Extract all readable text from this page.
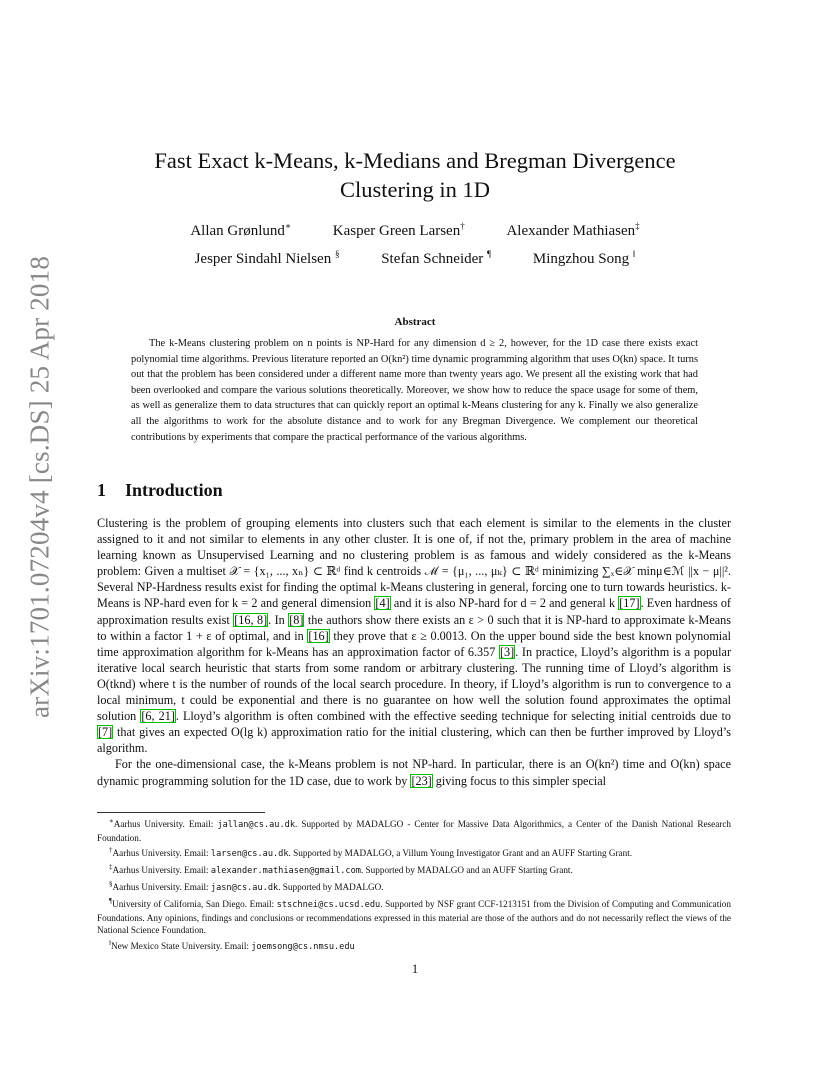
arXiv:1701.07204v4 [cs.DS] 25 Apr 2018
Fast Exact k-Means, k-Medians and Bregman Divergence
Clustering in 1D
Allan Grønlund∗	Kasper Green Larsen†	Alexander Mathiasen‡
Jesper Sindahl Nielsen §	Stefan Schneider ¶	Mingzhou Song ‖
Abstract

The k-Means clustering problem on n points is NP-Hard for any dimension d ≥ 2, however, for the 1D case there exists exact polynomial time algorithms. Previous literature reported an O(kn²) time dynamic programming algorithm that uses O(kn) space. It turns out that the problem has been considered under a different name more than twenty years ago. We present all the existing work that had been overlooked and compare the various solutions theoretically. Moreover, we show how to reduce the space usage for some of them, as well as generalize them to data structures that can quickly report an optimal k-Means clustering for any k. Finally we also generalize all the algorithms to work for the absolute distance and to work for any Bregman Divergence. We complement our theoretical contributions by experiments that compare the practical performance of the various algorithms.

1 Introduction

Clustering is the problem of grouping elements into clusters such that each element is similar to the elements in the cluster assigned to it and not similar to elements in any other cluster. It is one of, if not the, primary problem in the area of machine learning known as Unsupervised Learning and no clustering problem is as famous and widely considered as the k-Means problem: Given a multiset 𝒳 = {x₁, ..., xₙ} ⊂ ℝᵈ find k centroids ℳ = {μ₁, ..., μₖ} ⊂ ℝᵈ minimizing ∑ₓ∈𝒳 minμ∈ℳ ||x − μ||². Several NP-Hardness results exist for finding the optimal k-Means clustering in general, forcing one to turn towards heuristics. k-Means is NP-hard even for k = 2 and general dimension [4] and it is also NP-hard for d = 2 and general k [17]. Even hardness of approximation results exist [16, 8]. In [8] the authors show there exists an ε > 0 such that it is NP-hard to approximate k-Means to within a factor 1 + ε of optimal, and in [16] they prove that ε ≥ 0.0013. On the upper bound side the best known polynomial time approximation algorithm for k-Means has an approximation factor of 6.357 [3]. In practice, Lloyd’s algorithm is a popular iterative local search heuristic that starts from some random or arbitrary clustering. The running time of Lloyd’s algorithm is O(tknd) where t is the number of rounds of the local search procedure. In theory, if Lloyd’s algorithm is run to convergence to a local minimum, t could be exponential and there is no guarantee on how well the solution found approximates the optimal solution [6, 21]. Lloyd’s algorithm is often combined with the effective seeding technique for selecting initial centroids due to [7] that gives an expected O(lg k) approximation ratio for the initial clustering, which can then be further improved by Lloyd’s algorithm.

For the one-dimensional case, the k-Means problem is not NP-hard. In particular, there is an O(kn²) time and O(kn) space dynamic programming solution for the 1D case, due to work by [23] giving focus to this simpler special

∗Aarhus University. Email: jallan@cs.au.dk. Supported by MADALGO - Center for Massive Data Algorithmics, a Center of the Danish National Research Foundation.

†Aarhus University. Email: larsen@cs.au.dk. Supported by MADALGO, a Villum Young Investigator Grant and an AUFF Starting Grant.

‡Aarhus University. Email: alexander.mathiasen@gmail.com. Supported by MADALGO and an AUFF Starting Grant.

§Aarhus University. Email: jasn@cs.au.dk. Supported by MADALGO.

¶University of California, San Diego. Email: stschnei@cs.ucsd.edu. Supported by NSF grant CCF-1213151 from the Division of Computing and Communication Foundations. Any opinions, findings and conclusions or recommendations expressed in this material are those of the authors and do not necessarily reflect the views of the National Science Foundation.

‖New Mexico State University. Email: joemsong@cs.nmsu.edu

1
